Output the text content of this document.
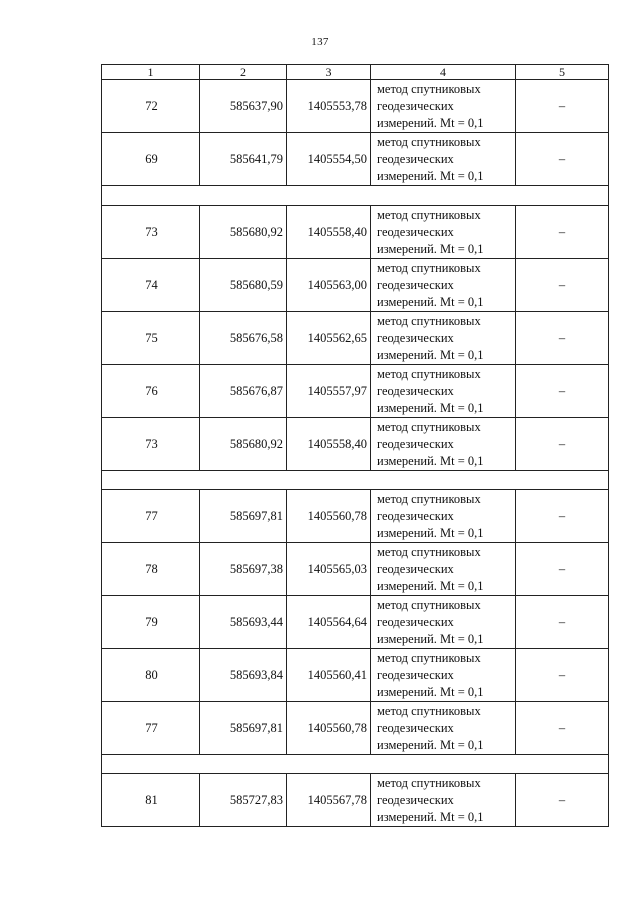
137
1	2	3	4	5
72	585637,90	1405553,78	метод спутниковых
геодезических
измерений. Mt = 0,1	–
69	585641,79	1405554,50	метод спутниковых
геодезических
измерений. Mt = 0,1	–

73	585680,92	1405558,40	метод спутниковых
геодезических
измерений. Mt = 0,1	–
74	585680,59	1405563,00	метод спутниковых
геодезических
измерений. Mt = 0,1	–
75	585676,58	1405562,65	метод спутниковых
геодезических
измерений. Mt = 0,1	–
76	585676,87	1405557,97	метод спутниковых
геодезических
измерений. Mt = 0,1	–
73	585680,92	1405558,40	метод спутниковых
геодезических
измерений. Mt = 0,1	–

77	585697,81	1405560,78	метод спутниковых
геодезических
измерений. Mt = 0,1	–
78	585697,38	1405565,03	метод спутниковых
геодезических
измерений. Mt = 0,1	–
79	585693,44	1405564,64	метод спутниковых
геодезических
измерений. Mt = 0,1	–
80	585693,84	1405560,41	метод спутниковых
геодезических
измерений. Mt = 0,1	–
77	585697,81	1405560,78	метод спутниковых
геодезических
измерений. Mt = 0,1	–

81	585727,83	1405567,78	метод спутниковых
геодезических
измерений. Mt = 0,1	–
